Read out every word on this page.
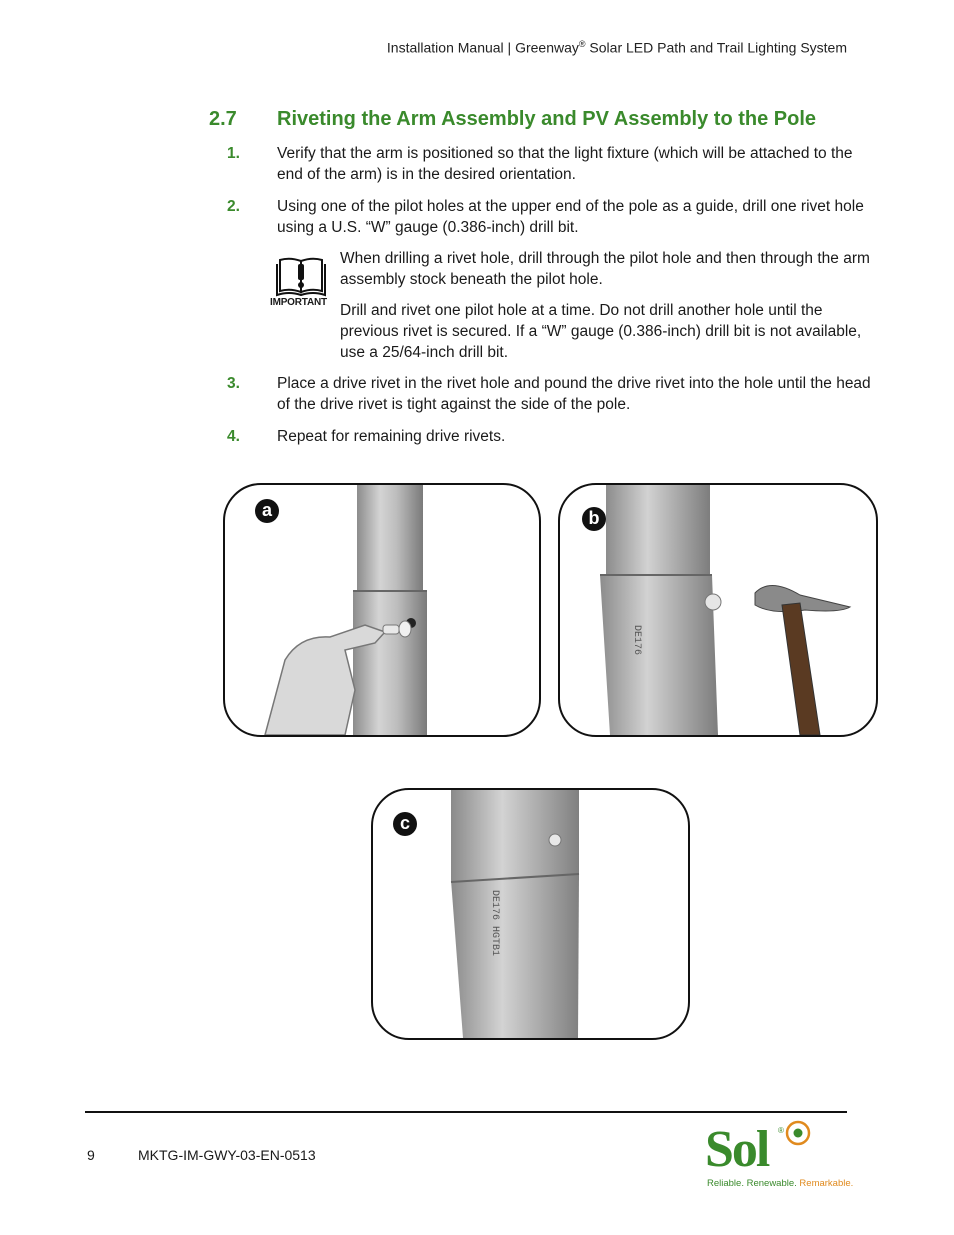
Installation Manual | Greenway® Solar LED Path and Trail Lighting System
2.7 Riveting the Arm Assembly and PV Assembly to the Pole
1. Verify that the arm is positioned so that the light fixture (which will be attached to the end of the arm) is in the desired orientation.
2. Using one of the pilot holes at the upper end of the pole as a guide, drill one rivet hole using a U.S. “W” gauge (0.386-inch) drill bit.
IMPORTANT
When drilling a rivet hole, drill through the pilot hole and then through the arm assembly stock beneath the pilot hole.
Drill and rivet one pilot hole at a time. Do not drill another hole until the previous rivet is secured. If a “W” gauge (0.386-inch) drill bit is not available, use a 25/64-inch drill bit.
3. Place a drive rivet in the rivet hole and pound the drive rivet into the hole until the head of the drive rivet is tight against the side of the pole.
4. Repeat for remaining drive rivets.
a
DE176
b
DE176 HGTB1
c
9	MKTG-IM-GWY-03-EN-0513	Sol ®
Reliable. Renewable. Remarkable.
